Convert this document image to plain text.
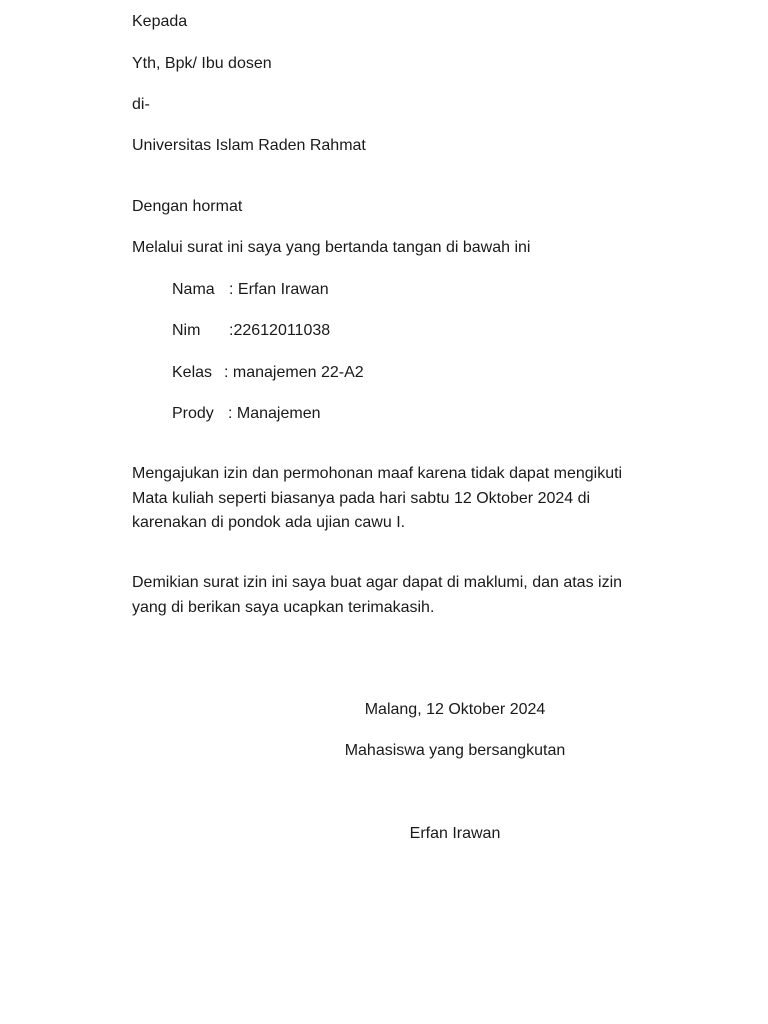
Kepada
Yth, Bpk/ Ibu dosen
di-
Universitas Islam Raden Rahmat
Dengan hormat
Melalui surat ini saya yang bertanda tangan di bawah ini
Nama : Erfan Irawan
Nim :22612011038
Kelas : manajemen 22-A2
Prody : Manajemen
Mengajukan izin dan permohonan maaf karena tidak dapat mengikuti Mata kuliah seperti biasanya pada hari sabtu 12 Oktober 2024 di karenakan di pondok ada ujian cawu I.
Demikian surat izin ini saya buat agar dapat di maklumi, dan atas izin yang di berikan saya ucapkan terimakasih.
Malang, 12 Oktober 2024
Mahasiswa yang bersangkutan
Erfan Irawan
